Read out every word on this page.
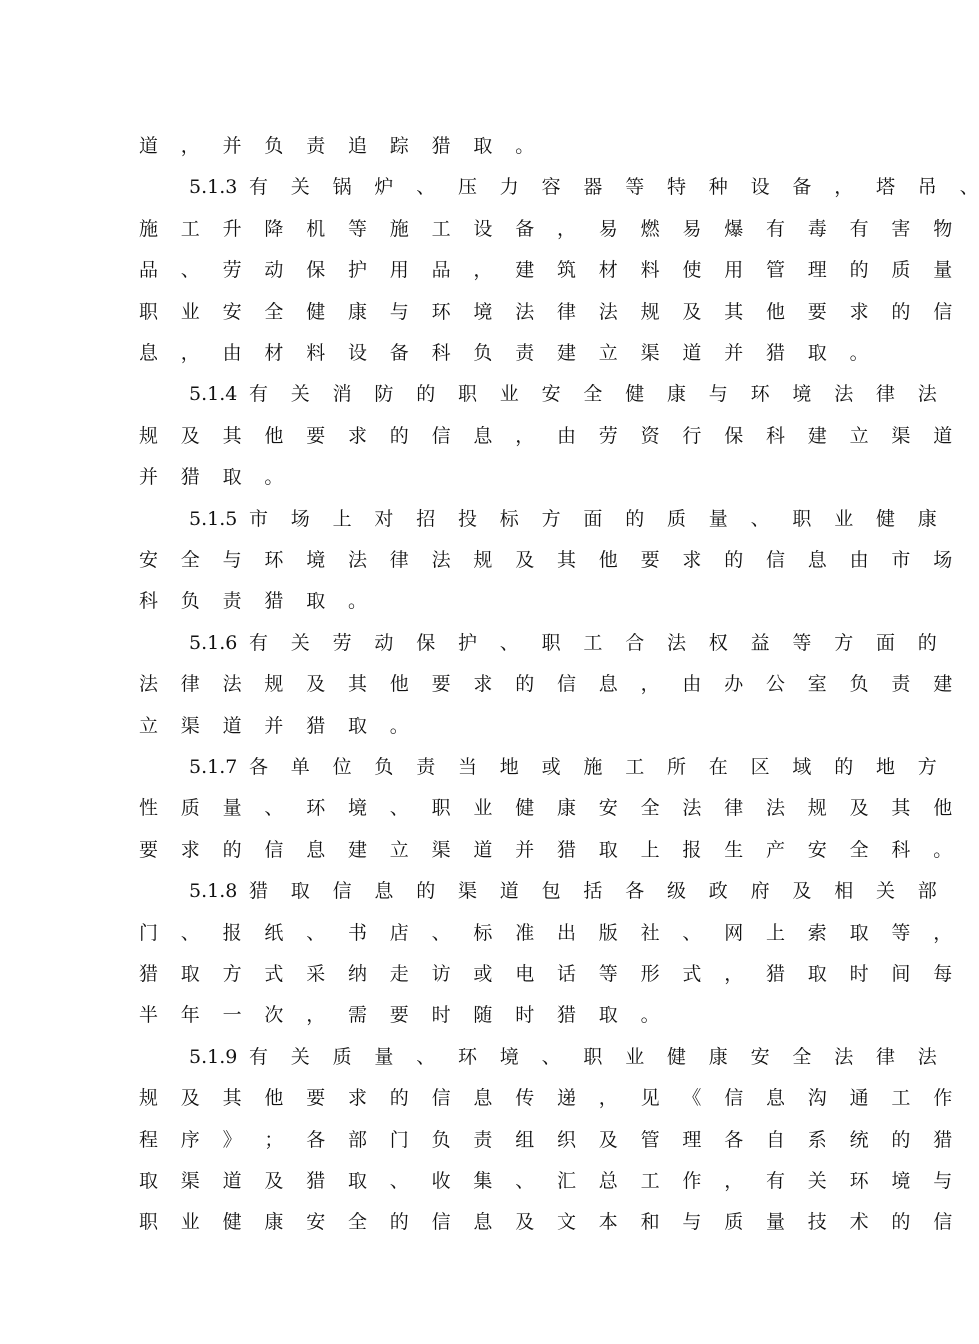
道 ， 并 负 责 追 踪 猎 取 。
5.1.3 有 关 锅 炉 、 压 力 容 器 等 特 种 设 备 ， 塔 吊 、
施 工 升 降 机 等 施 工 设 备 ， 易 燃 易 爆 有 毒 有 害 物
品 、 劳 动 保 护 用 品 ， 建 筑 材 料 使 用 管 理 的 质 量
职 业 安 全 健 康 与 环 境 法 律 法 规 及 其 他 要 求 的 信
息 ， 由 材 料 设 备 科 负 责 建 立 渠 道 并 猎 取 。
5.1.4 有 关 消 防 的 职 业 安 全 健 康 与 环 境 法 律 法
规 及 其 他 要 求 的 信 息 ， 由 劳 资 行 保 科 建 立 渠 道
并 猎 取 。
5.1.5 市 场 上 对 招 投 标 方 面 的 质 量 、 职 业 健 康
安 全 与 环 境 法 律 法 规 及 其 他 要 求 的 信 息 由 市 场
科 负 责 猎 取 。
5.1.6 有 关 劳 动 保 护 、 职 工 合 法 权 益 等 方 面 的
法 律 法 规 及 其 他 要 求 的 信 息 ， 由 办 公 室 负 责 建
立 渠 道 并 猎 取 。
5.1.7 各 单 位 负 责 当 地 或 施 工 所 在 区 域 的 地 方
性 质 量 、 环 境 、 职 业 健 康 安 全 法 律 法 规 及 其 他
要 求 的 信 息 建 立 渠 道 并 猎 取 上 报 生 产 安 全 科 。
5.1.8 猎 取 信 息 的 渠 道 包 括 各 级 政 府 及 相 关 部
门 、 报 纸 、 书 店 、 标 准 出 版 社 、 网 上 索 取 等 ，
猎 取 方 式 采 纳 走 访 或 电 话 等 形 式 ， 猎 取 时 间 每
半 年 一 次 ， 需 要 时 随 时 猎 取 。
5.1.9 有 关 质 量 、 环 境 、 职 业 健 康 安 全 法 律 法
规 及 其 他 要 求 的 信 息 传 递 ， 见 《 信 息 沟 通 工 作
程 序 》 ； 各 部 门 负 责 组 织 及 管 理 各 自 系 统 的 猎
取 渠 道 及 猎 取 、 收 集 、 汇 总 工 作 ， 有 关 环 境 与
职 业 健 康 安 全 的 信 息 及 文 本 和 与 质 量 技 术 的 信
